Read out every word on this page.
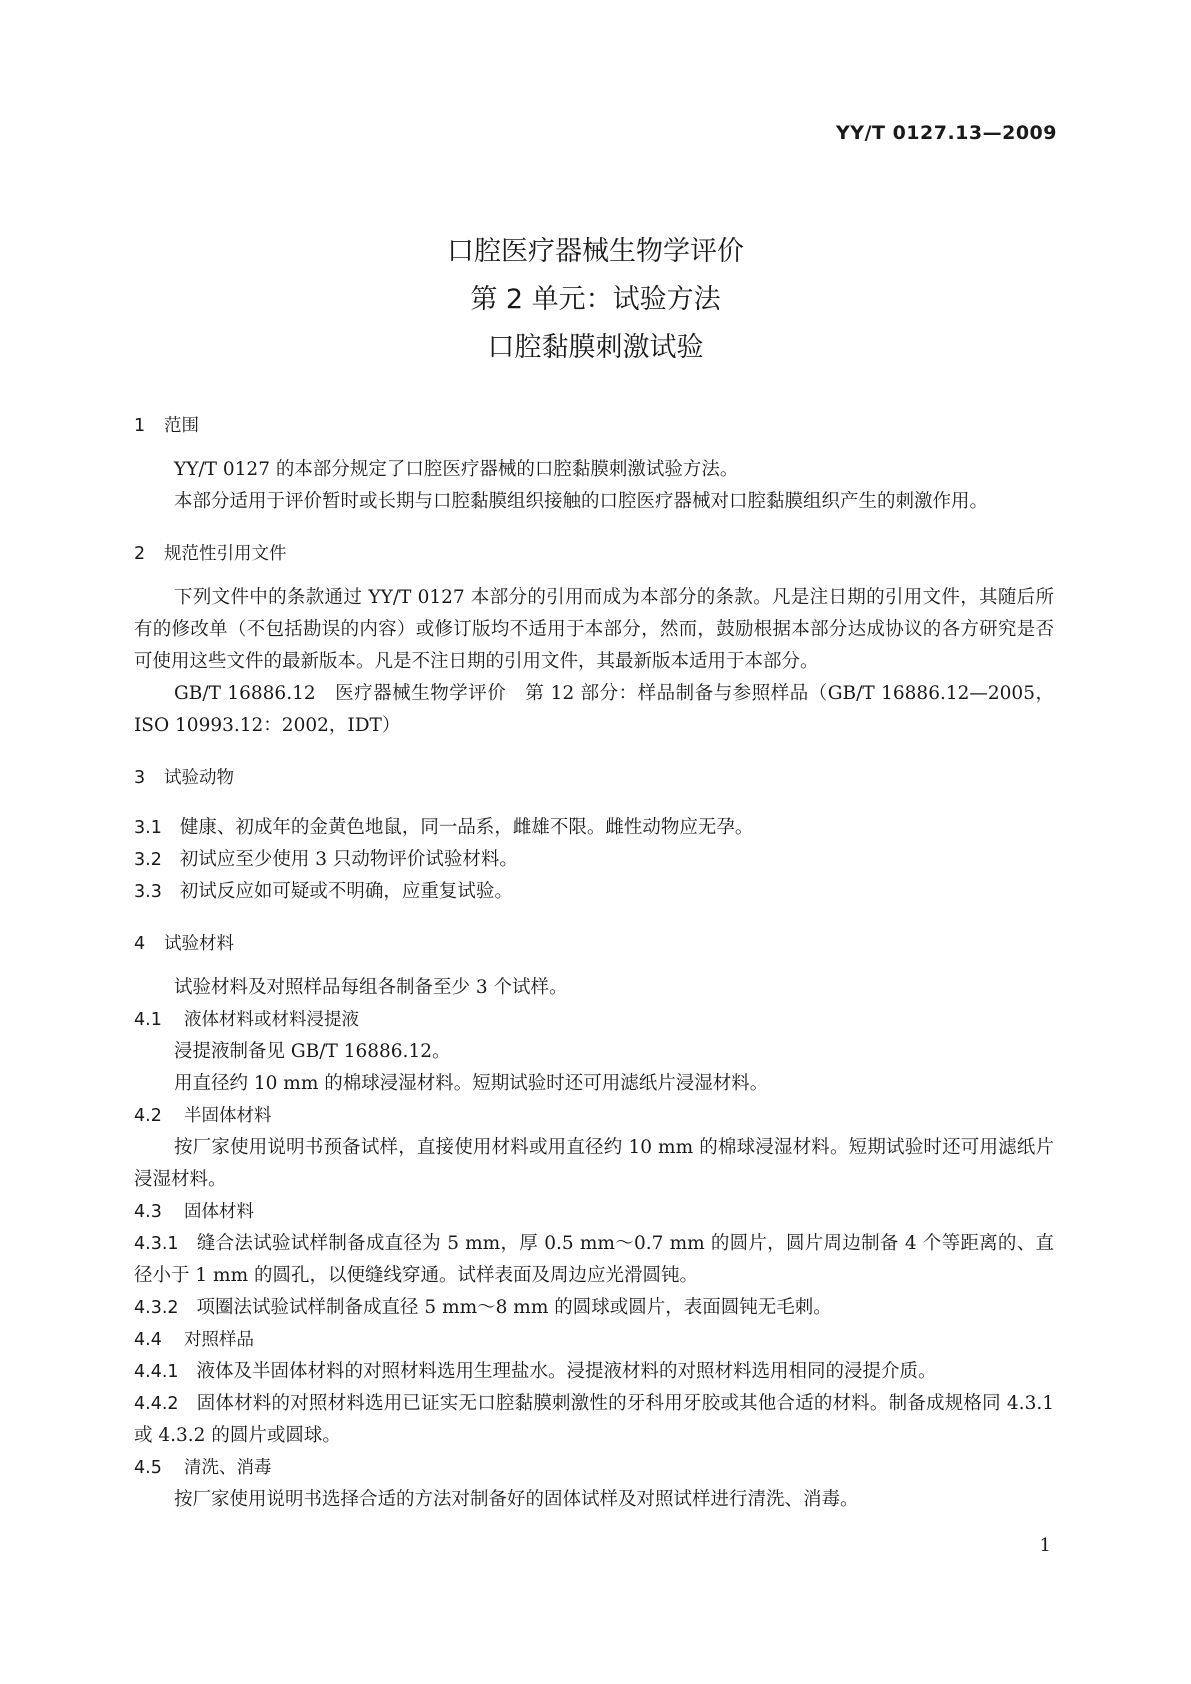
YY/T 0127.13—2009
口腔医疗器械生物学评价
第 2 单元：试验方法
口腔黏膜刺激试验
1 范围
YY/T 0127 的本部分规定了口腔医疗器械的口腔黏膜刺激试验方法。
本部分适用于评价暂时或长期与口腔黏膜组织接触的口腔医疗器械对口腔黏膜组织产生的刺激作用。
2 规范性引用文件
下列文件中的条款通过 YY/T 0127 本部分的引用而成为本部分的条款。凡是注日期的引用文件，其随后所有的修改单（不包括勘误的内容）或修订版均不适用于本部分，然而，鼓励根据本部分达成协议的各方研究是否可使用这些文件的最新版本。凡是不注日期的引用文件，其最新版本适用于本部分。
GB/T 16886.12　医疗器械生物学评价　第 12 部分：样品制备与参照样品（GB/T 16886.12—2005，ISO 10993.12：2002，IDT）
3 试验动物
3.1 健康、初成年的金黄色地鼠，同一品系，雌雄不限。雌性动物应无孕。
3.2 初试应至少使用 3 只动物评价试验材料。
3.3 初试反应如可疑或不明确，应重复试验。
4 试验材料
试验材料及对照样品每组各制备至少 3 个试样。
4.1 液体材料或材料浸提液
浸提液制备见 GB/T 16886.12。
用直径约 10 mm 的棉球浸湿材料。短期试验时还可用滤纸片浸湿材料。
4.2 半固体材料
按厂家使用说明书预备试样，直接使用材料或用直径约 10 mm 的棉球浸湿材料。短期试验时还可用滤纸片浸湿材料。
4.3 固体材料
4.3.1 缝合法试验试样制备成直径为 5 mm，厚 0.5 mm～0.7 mm 的圆片，圆片周边制备 4 个等距离的、直径小于 1 mm 的圆孔，以便缝线穿通。试样表面及周边应光滑圆钝。
4.3.2 项圈法试验试样制备成直径 5 mm～8 mm 的圆球或圆片，表面圆钝无毛刺。
4.4 对照样品
4.4.1 液体及半固体材料的对照材料选用生理盐水。浸提液材料的对照材料选用相同的浸提介质。
4.4.2 固体材料的对照材料选用已证实无口腔黏膜刺激性的牙科用牙胶或其他合适的材料。制备成规格同 4.3.1 或 4.3.2 的圆片或圆球。
4.5 清洗、消毒
按厂家使用说明书选择合适的方法对制备好的固体试样及对照试样进行清洗、消毒。
1
